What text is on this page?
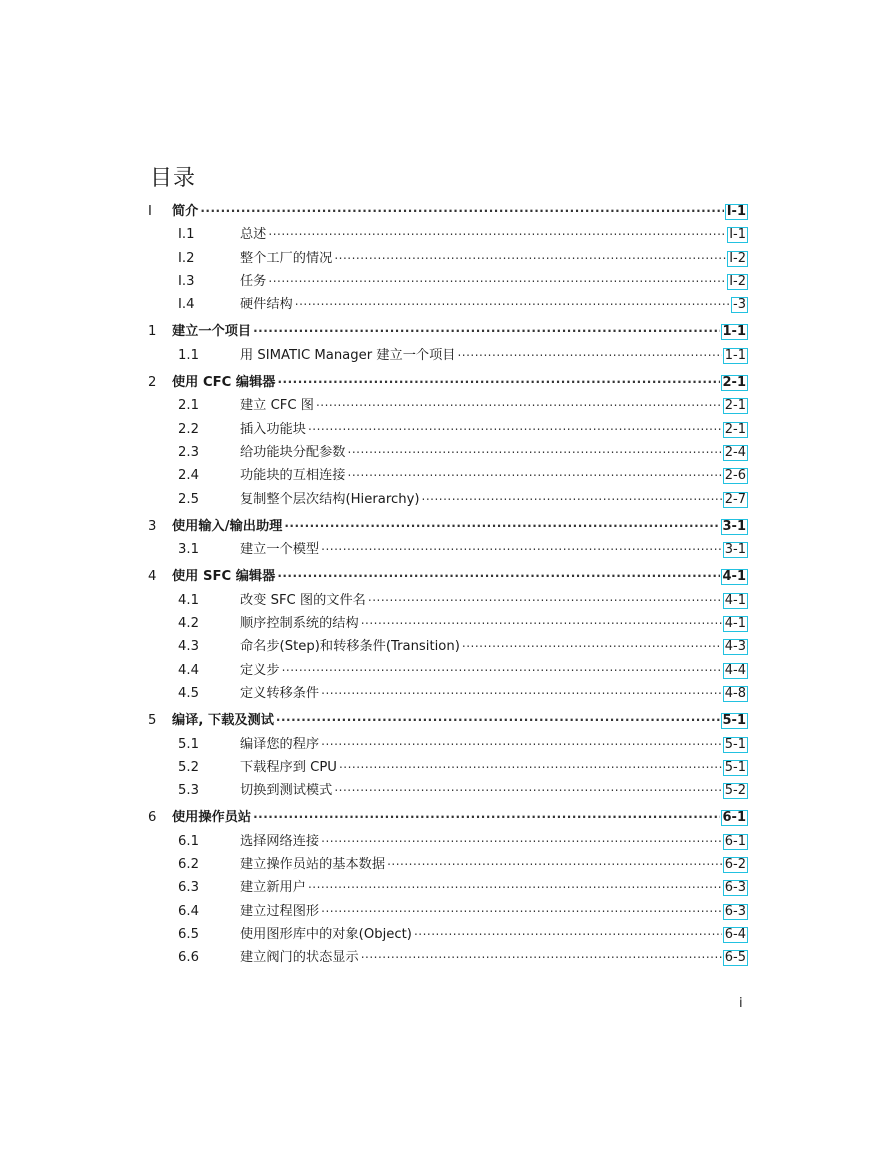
目录
I	简介 .....	I-1
I.1	总述 .....	I-1
I.2	整个工厂的情况 .....	I-2
I.3	任务 .....	I-2
I.4	硬件结构 .....	-3
1	建立一个项目 .....	1-1
1.1	用 SIMATIC Manager 建立一个项目 .....	1-1
2	使用 CFC 编辑器 .....	2-1
2.1	建立 CFC 图 .....	2-1
2.2	插入功能块 .....	2-1
2.3	给功能块分配参数 .....	2-4
2.4	功能块的互相连接 .....	2-6
2.5	复制整个层次结构(Hierarchy) .....	2-7
3	使用输入/输出助理 .....	3-1
3.1	建立一个模型 .....	3-1
4	使用 SFC 编辑器 .....	4-1
4.1	改变 SFC 图的文件名 .....	4-1
4.2	顺序控制系统的结构 .....	4-1
4.3	命名步(Step)和转移条件(Transition) .....	4-3
4.4	定义步 .....	4-4
4.5	定义转移条件 .....	4-8
5	编译, 下载及测试 .....	5-1
5.1	编译您的程序 .....	5-1
5.2	下载程序到 CPU .....	5-1
5.3	切换到测试模式 .....	5-2
6	使用操作员站 .....	6-1
6.1	选择网络连接 .....	6-1
6.2	建立操作员站的基本数据 .....	6-2
6.3	建立新用户 .....	6-3
6.4	建立过程图形 .....	6-3
6.5	使用图形库中的对象(Object) .....	6-4
6.6	建立阀门的状态显示 .....	6-5
i
